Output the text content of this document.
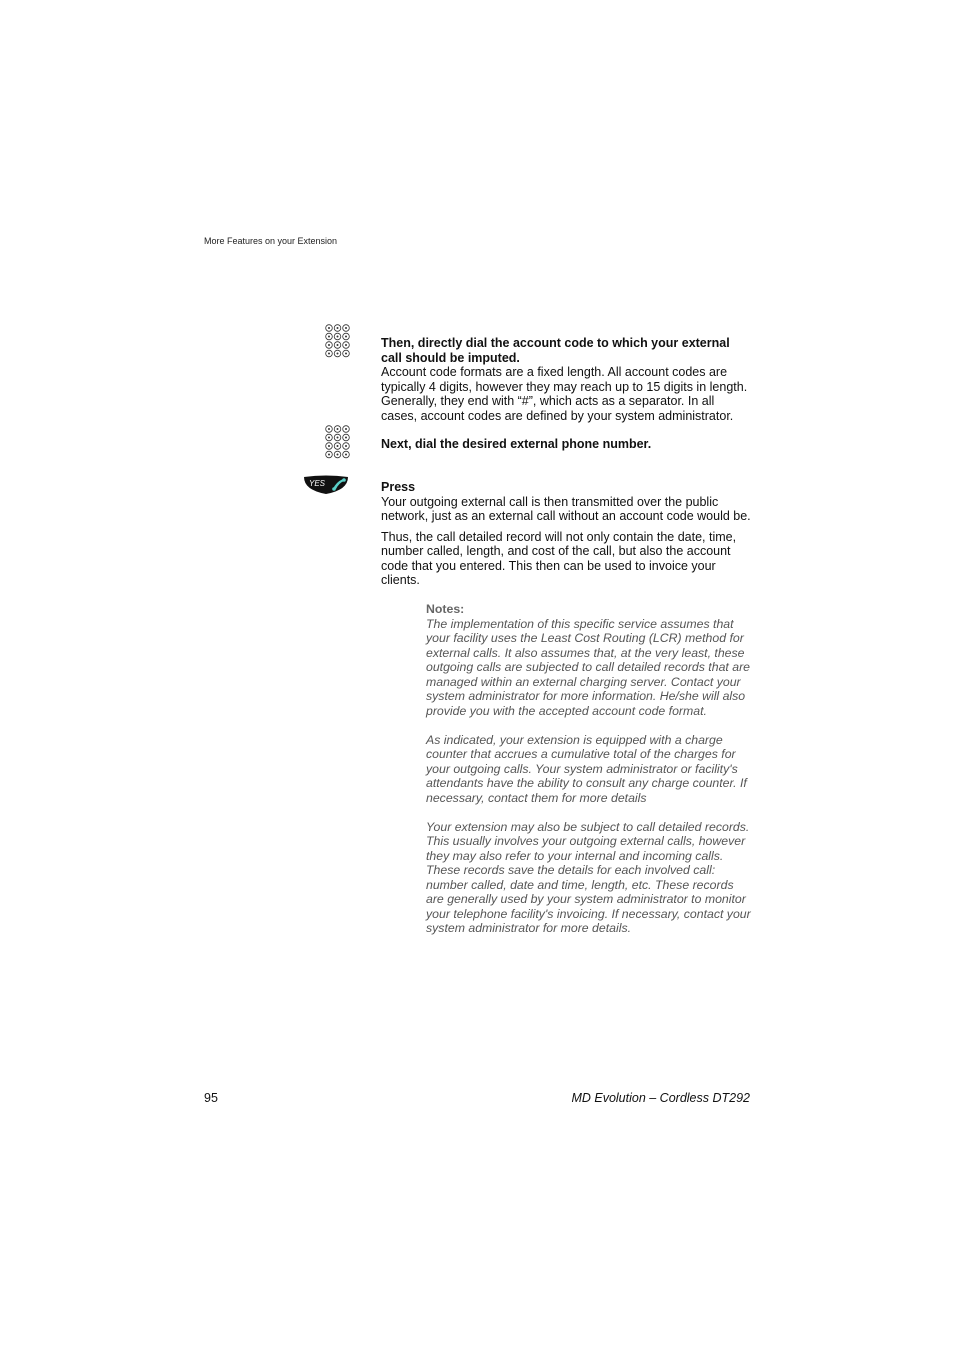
More Features on your Extension

Then, directly dial the account code to which your external call should be imputed.

Account code formats are a fixed length. All account codes are typically 4 digits, however they may reach up to 15 digits in length. Generally, they end with “#”, which acts as a separator. In all cases, account codes are defined by your system administrator.

Next, dial the desired external phone number.

YES	Press

Your outgoing external call is then transmitted over the public network, just as an external call without an account code would be.

Thus, the call detailed record will not only contain the date, time, number called, length, and cost of the call, but also the account code that you entered. This then can be used to invoice your clients.

Notes:

The implementation of this specific service assumes that your facility uses the Least Cost Routing (LCR) method for external calls. It also assumes that, at the very least, these outgoing calls are subjected to call detailed records that are managed within an external charging server. Contact your system administrator for more information. He/she will also provide you with the accepted account code format.

As indicated, your extension is equipped with a charge counter that accrues a cumulative total of the charges for your outgoing calls. Your system administrator or facility's attendants have the ability to consult any charge counter. If necessary, contact them for more details

Your extension may also be subject to call detailed records. This usually involves your outgoing external calls, however they may also refer to your internal and incoming calls. These records save the details for each involved call: number called, date and time, length, etc. These records are generally used by your system administrator to monitor your telephone facility's invoicing. If necessary, contact your system administrator for more details.

95	MD Evolution – Cordless DT292
